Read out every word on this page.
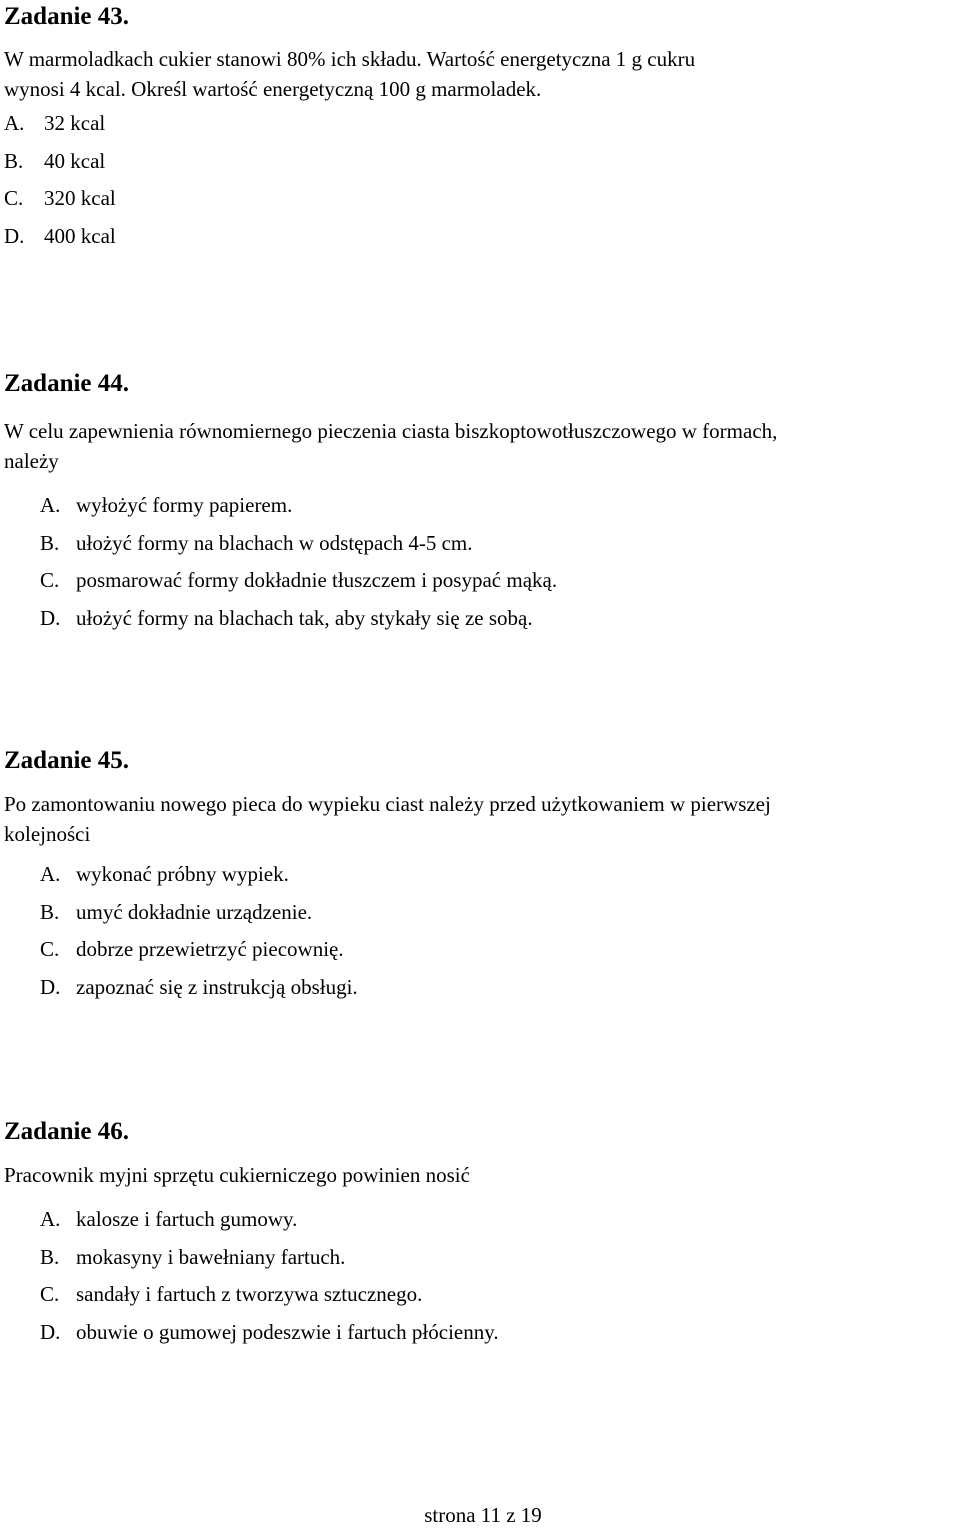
Zadanie 43.

W marmoladkach cukier stanowi 80% ich składu. Wartość energetyczna 1 g cukru
wynosi 4 kcal. Określ wartość energetyczną 100 g marmoladek.

A. 32 kcal
B. 40 kcal
C. 320 kcal
D. 400 kcal
Zadanie 44.

W celu zapewnienia równomiernego pieczenia ciasta biszkoptowotłuszczowego w formach,
należy

A. wyłożyć formy papierem.
B. ułożyć formy na blachach w odstępach 4-5 cm.
C. posmarować formy dokładnie tłuszczem i posypać mąką.
D. ułożyć formy na blachach tak, aby stykały się ze sobą.
Zadanie 45.

Po zamontowaniu nowego pieca do wypieku ciast należy przed użytkowaniem w pierwszej
kolejności

A. wykonać próbny wypiek.
B. umyć dokładnie urządzenie.
C. dobrze przewietrzyć piecownię.
D. zapoznać się z instrukcją obsługi.
Zadanie 46.

Pracownik myjni sprzętu cukierniczego powinien nosić

A. kalosze i fartuch gumowy.
B. mokasyny i bawełniany fartuch.
C. sandały i fartuch z tworzywa sztucznego.
D. obuwie o gumowej podeszwie i fartuch płócienny.
strona 11 z 19
